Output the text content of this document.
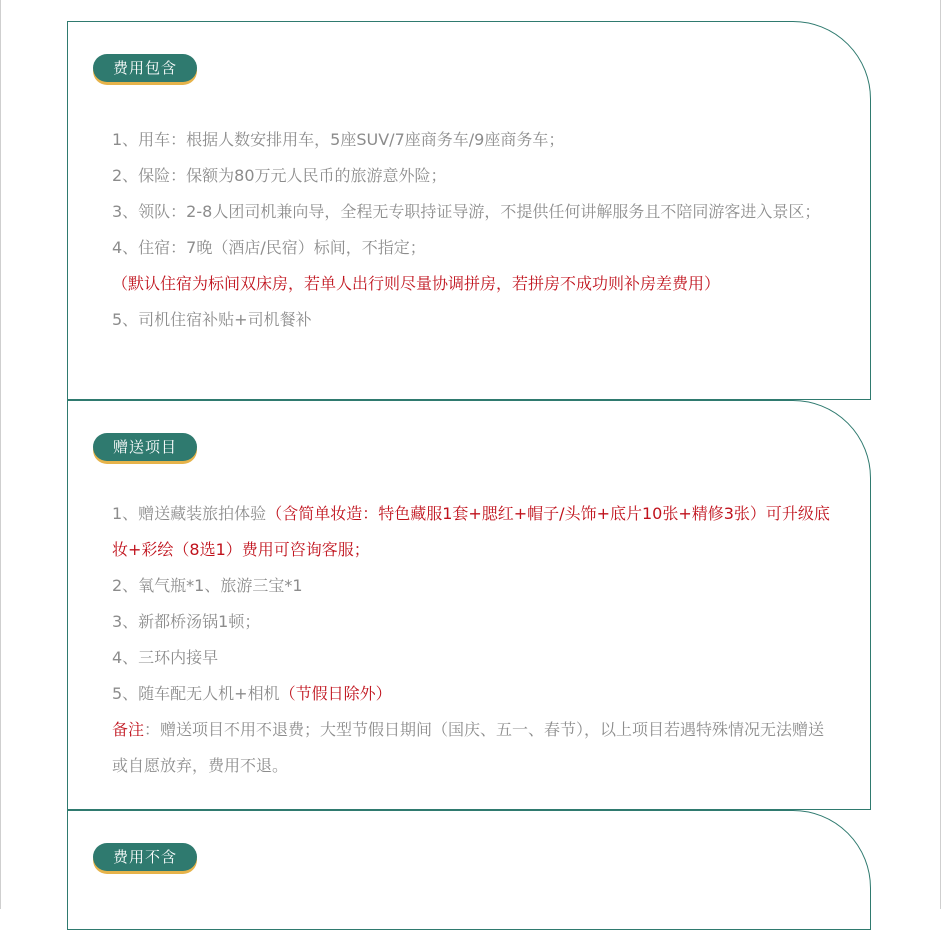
费用包含
1、用车：根据人数安排用车，5座SUV/7座商务车/9座商务车；
2、保险：保额为80万元人民币的旅游意外险；
3、领队：2-8人团司机兼向导，全程无专职持证导游，不提供任何讲解服务且不陪同游客进入景区；
4、住宿：7晚（酒店/民宿）标间，不指定；
（默认住宿为标间双床房，若单人出行则尽量协调拼房，若拼房不成功则补房差费用）
5、司机住宿补贴+司机餐补
赠送项目
1、赠送藏装旅拍体验（含简单妆造：特色藏服1套+腮红+帽子/头饰+底片10张+精修3张）可升级底妆+彩绘（8选1）费用可咨询客服；
2、氧气瓶*1、旅游三宝*1
3、新都桥汤锅1顿；
4、三环内接早
5、随车配无人机+相机（节假日除外）
备注：赠送项目不用不退费；大型节假日期间（国庆、五一、春节），以上项目若遇特殊情况无法赠送或自愿放弃，费用不退。
费用不含
